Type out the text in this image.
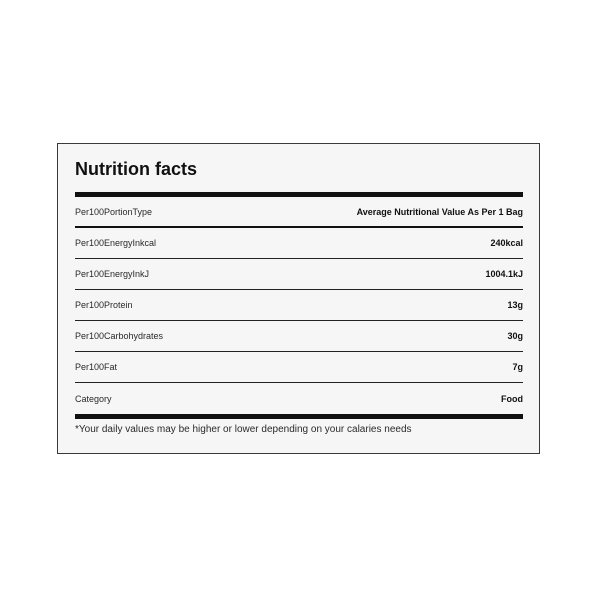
Nutrition facts
Per100PortionType	Average Nutritional Value As Per 1 Bag
Per100EnergyInkcal	240kcal
Per100EnergyInkJ	1004.1kJ
Per100Protein	13g
Per100Carbohydrates	30g
Per100Fat	7g
Category	Food
*Your daily values may be higher or lower depending on your calaries needs
